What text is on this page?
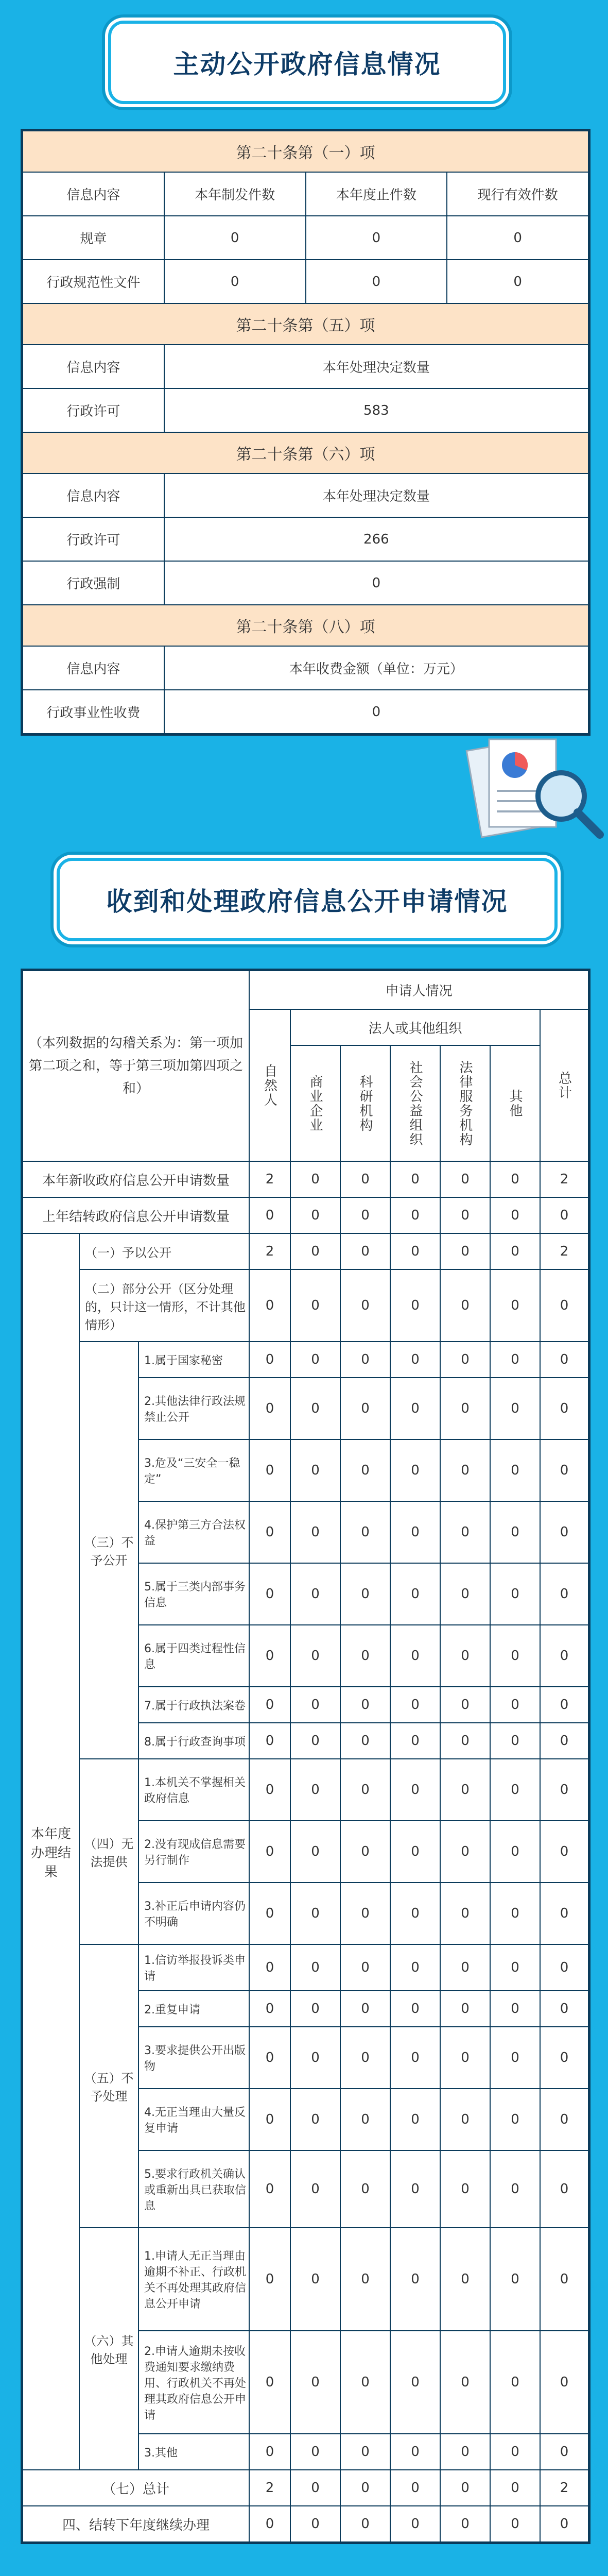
主动公开政府信息情况
第二十条第（一）项			
信息内容	本年制发件数	本年度止件数	现行有效件数
规章	0	0	0
行政规范性文件	0	0	0
第二十条第（五）项			
信息内容	本年处理决定数量		
行政许可	583		
第二十条第（六）项			
信息内容	本年处理决定数量		
行政许可	266		
行政强制	0		
第二十条第（八）项			
信息内容	本年收费金额（单位：万元）		
行政事业性收费	0		
收到和处理政府信息公开申请情况
（本列数据的勾稽关系为：第一项加第二项之和，等于第三项加第四项之和）			申请人情况						
			自然人	法人或其他组织					总计
				商业企业	科研机构	社会公益组织	法律服务机构	其他	
本年新收政府信息公开申请数量			2	0	0	0	0	0	2
上年结转政府信息公开申请数量			0	0	0	0	0	0	0
本年度办理结果	（一）予以公开		2	0	0	0	0	0	2
	（二）部分公开（区分处理的，只计这一情形，不计其他情形）		0	0	0	0	0	0	0
	（三）不予公开	1.属于国家秘密	0	0	0	0	0	0	0
		2.其他法律行政法规禁止公开	0	0	0	0	0	0	0
		3.危及“三安全一稳定”	0	0	0	0	0	0	0
		4.保护第三方合法权益	0	0	0	0	0	0	0
		5.属于三类内部事务信息	0	0	0	0	0	0	0
		6.属于四类过程性信息	0	0	0	0	0	0	0
		7.属于行政执法案卷	0	0	0	0	0	0	0
		8.属于行政查询事项	0	0	0	0	0	0	0
	（四）无法提供	1.本机关不掌握相关政府信息	0	0	0	0	0	0	0
		2.没有现成信息需要另行制作	0	0	0	0	0	0	0
		3.补正后申请内容仍不明确	0	0	0	0	0	0	0
	（五）不予处理	1.信访举报投诉类申请	0	0	0	0	0	0	0
		2.重复申请	0	0	0	0	0	0	0
		3.要求提供公开出版物	0	0	0	0	0	0	0
		4.无正当理由大量反复申请	0	0	0	0	0	0	0
		5.要求行政机关确认或重新出具已获取信息	0	0	0	0	0	0	0
	（六）其他处理	1.申请人无正当理由逾期不补正、行政机关不再处理其政府信息公开申请	0	0	0	0	0	0	0
		2.申请人逾期未按收费通知要求缴纳费用、行政机关不再处理其政府信息公开申请	0	0	0	0	0	0	0
		3.其他	0	0	0	0	0	0	0
（七）总计			2	0	0	0	0	0	2
四、结转下年度继续办理			0	0	0	0	0	0	0
